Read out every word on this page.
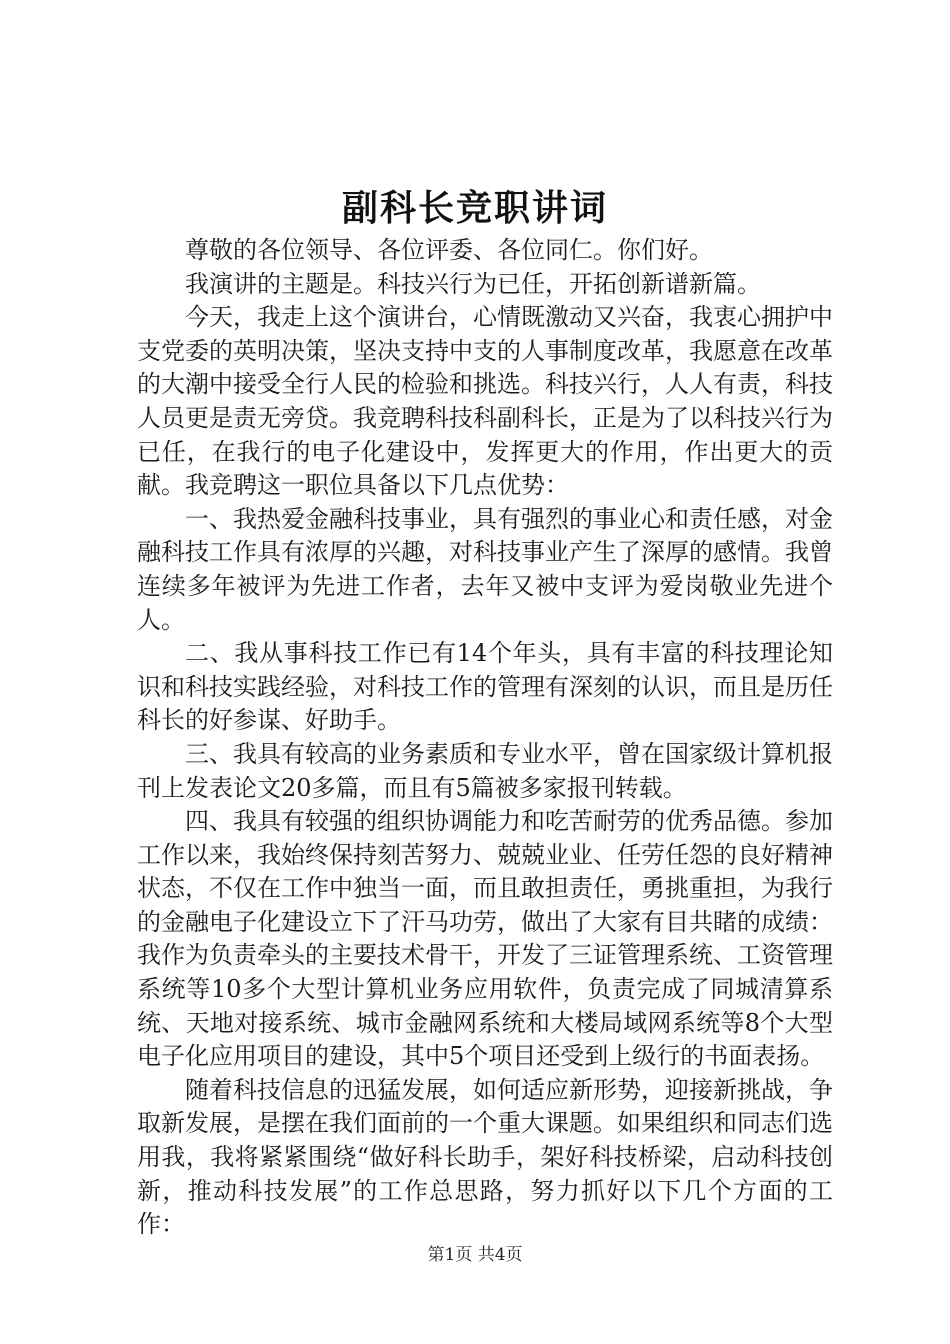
副科长竞职讲词

尊敬的各位领导、各位评委、各位同仁。你们好。

我演讲的主题是。科技兴行为已任，开拓创新谱新篇。

今天，我走上这个演讲台，心情既激动又兴奋，我衷心拥护中支党委的英明决策，坚决支持中支的人事制度改革，我愿意在改革的大潮中接受全行人民的检验和挑选。科技兴行，人人有责，科技人员更是责无旁贷。我竞聘科技科副科长，正是为了以科技兴行为已任，在我行的电子化建设中，发挥更大的作用，作出更大的贡献。我竞聘这一职位具备以下几点优势：

一、我热爱金融科技事业，具有强烈的事业心和责任感，对金融科技工作具有浓厚的兴趣，对科技事业产生了深厚的感情。我曾连续多年被评为先进工作者，去年又被中支评为爱岗敬业先进个人。

二、我从事科技工作已有14个年头，具有丰富的科技理论知识和科技实践经验，对科技工作的管理有深刻的认识，而且是历任科长的好参谋、好助手。

三、我具有较高的业务素质和专业水平，曾在国家级计算机报刊上发表论文20多篇，而且有5篇被多家报刊转载。

四、我具有较强的组织协调能力和吃苦耐劳的优秀品德。参加工作以来，我始终保持刻苦努力、兢兢业业、任劳任怨的良好精神状态，不仅在工作中独当一面，而且敢担责任，勇挑重担，为我行的金融电子化建设立下了汗马功劳，做出了大家有目共睹的成绩：我作为负责牵头的主要技术骨干，开发了三证管理系统、工资管理系统等10多个大型计算机业务应用软件，负责完成了同城清算系统、天地对接系统、城市金融网系统和大楼局域网系统等8个大型电子化应用项目的建设，其中5个项目还受到上级行的书面表扬。

随着科技信息的迅猛发展，如何适应新形势，迎接新挑战，争取新发展，是摆在我们面前的一个重大课题。如果组织和同志们选用我，我将紧紧围绕“做好科长助手，架好科技桥梁，启动科技创新，推动科技发展”的工作总思路，努力抓好以下几个方面的工作：

第1页 共4页
